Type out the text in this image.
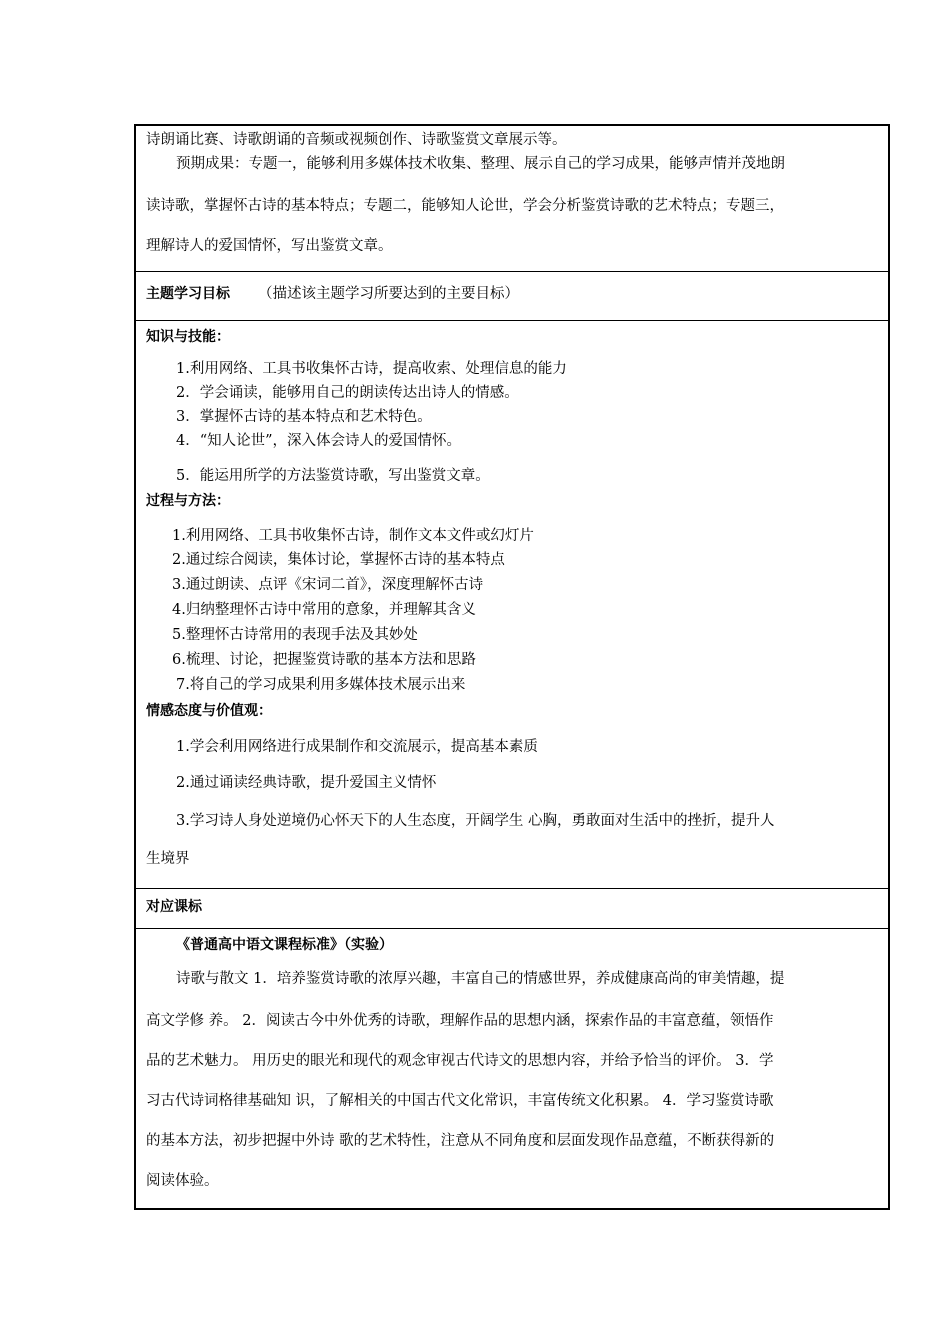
诗朗诵比赛、诗歌朗诵的音频或视频创作、诗歌鉴赏文章展示等。
预期成果：专题一，能够利用多媒体技术收集、整理、展示自己的学习成果，能够声情并茂地朗
读诗歌，掌握怀古诗的基本特点；专题二，能够知人论世，学会分析鉴赏诗歌的艺术特点；专题三，
理解诗人的爱国情怀，写出鉴赏文章。
主题学习目标 （描述该主题学习所要达到的主要目标）
知识与技能：
1.利用网络、工具书收集怀古诗，提高收索、处理信息的能力
2．学会诵读，能够用自己的朗读传达出诗人的情感。
3．掌握怀古诗的基本特点和艺术特色。
4．“知人论世”，深入体会诗人的爱国情怀。
5．能运用所学的方法鉴赏诗歌，写出鉴赏文章。
过程与方法：
1.利用网络、工具书收集怀古诗，制作文本文件或幻灯片
2.通过综合阅读，集体讨论，掌握怀古诗的基本特点
3.通过朗读、点评《宋词二首》，深度理解怀古诗
4.归纳整理怀古诗中常用的意象，并理解其含义
5.整理怀古诗常用的表现手法及其妙处
6.梳理、讨论，把握鉴赏诗歌的基本方法和思路
7.将自己的学习成果利用多媒体技术展示出来
情感态度与价值观：
1.学会利用网络进行成果制作和交流展示，提高基本素质
2.通过诵读经典诗歌，提升爱国主义情怀
3.学习诗人身处逆境仍心怀天下的人生态度，开阔学生 心胸，勇敢面对生活中的挫折，提升人
生境界
对应课标
《普通高中语文课程标准》（实验）
诗歌与散文 1．培养鉴赏诗歌的浓厚兴趣，丰富自己的情感世界，养成健康高尚的审美情趣，提
高文学修 养。 2．阅读古今中外优秀的诗歌，理解作品的思想内涵，探索作品的丰富意蕴，领悟作
品的艺术魅力。 用历史的眼光和现代的观念审视古代诗文的思想内容，并给予恰当的评价。 3．学
习古代诗词格律基础知 识，了解相关的中国古代文化常识，丰富传统文化积累。 4．学习鉴赏诗歌
的基本方法，初步把握中外诗 歌的艺术特性，注意从不同角度和层面发现作品意蕴，不断获得新的
阅读体验。
